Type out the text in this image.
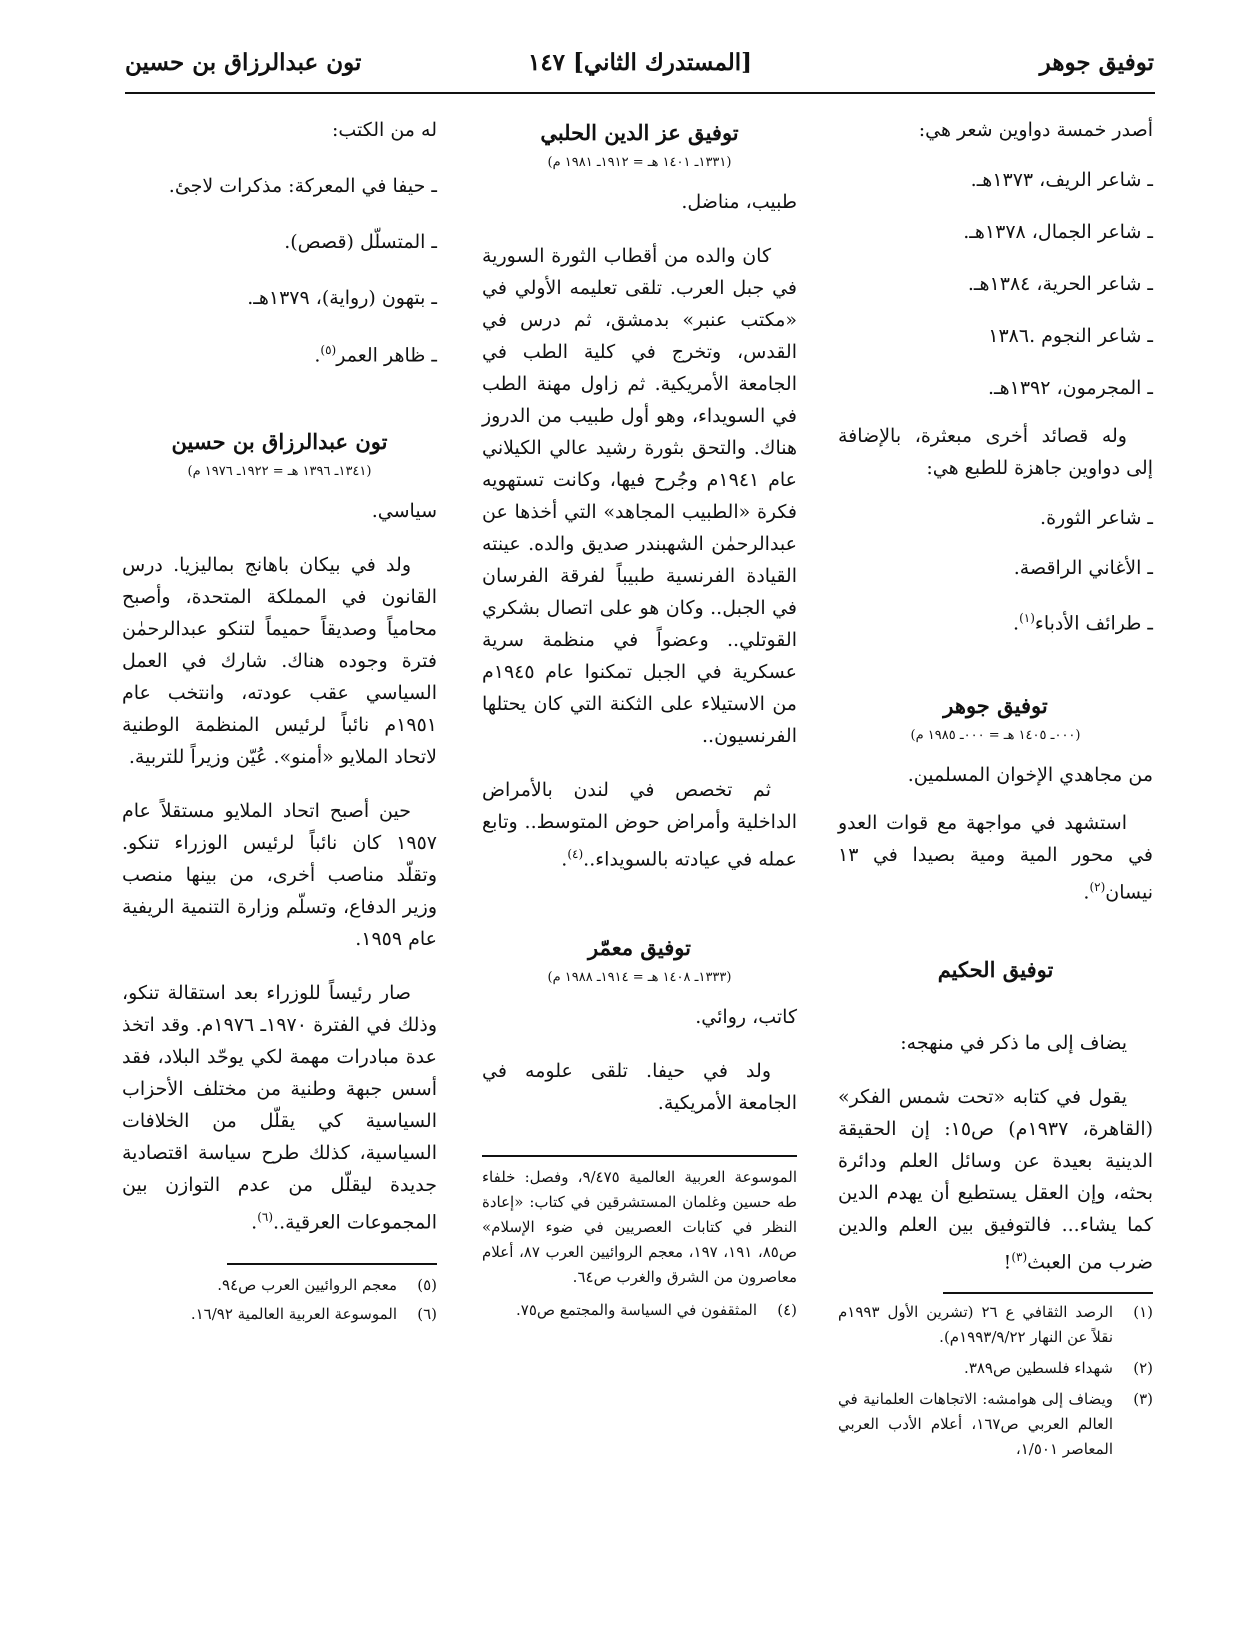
توفيق جوهر
[المستدرك الثاني] ١٤٧
تون عبدالرزاق بن حسين

أصدر خمسة دواوين شعر هي:

ـ شاعر الريف، ١٣٧٣هـ.

ـ شاعر الجمال، ١٣٧٨هـ.

ـ شاعر الحرية، ١٣٨٤هـ.

ـ شاعر النجوم .١٣٨٦

ـ المجرمون، ١٣٩٢هـ.

وله قصائد أخرى مبعثرة، بالإضافة إلى دواوين جاهزة للطبع هي:

ـ شاعر الثورة.

ـ الأغاني الراقصة.

ـ طرائف الأدباء$^{(١)}$.

توفيق جوهر

(٠٠٠ـ ١٤٠٥ هـ = ٠٠٠ـ ١٩٨٥ م)

من مجاهدي الإخوان المسلمين.

استشهد في مواجهة مع قوات العدو في محور المية ومية بصيدا في ١٣ نيسان$^{(٢)}$.

توفيق الحكيم

يضاف إلى ما ذكر في منهجه:

يقول في كتابه «تحت شمس الفكر» (القاهرة، ١٩٣٧م) ص١٥: إن الحقيقة الدينية بعيدة عن وسائل العلم ودائرة بحثه، وإن العقل يستطيع أن يهدم الدين كما يشاء... فالتوفيق بين العلم والدين ضرب من العبث$^{(٣)}$!

(١)
الرصد الثقافي ع ٢٦ (تشرين الأول ١٩٩٣م نقلاً عن النهار ١٩٩٣/٩/٢٢م).
(٢)
شهداء فلسطين ص٣٨٩.
(٣)
ويضاف إلى هوامشه: الاتجاهات العلمانية في العالم العربي ص١٦٧، أعلام الأدب العربي المعاصر ١/٥٠١،

توفيق عز الدين الحلبي

(١٣٣١ـ ١٤٠١ هـ = ١٩١٢ـ ١٩٨١ م)

طبيب، مناضل.

كان والده من أقطاب الثورة السورية في جبل العرب. تلقى تعليمه الأولي في «مكتب عنبر» بدمشق، ثم درس في القدس، وتخرج في كلية الطب في الجامعة الأمريكية. ثم زاول مهنة الطب في السويداء، وهو أول طبيب من الدروز هناك. والتحق بثورة رشيد عالي الكيلاني عام ١٩٤١م وجُرح فيها، وكانت تستهويه فكرة «الطبيب المجاهد» التي أخذها عن عبدالرحمٰن الشهبندر صديق والده. عينته القيادة الفرنسية طبيباً لفرقة الفرسان في الجبل.. وكان هو على اتصال بشكري القوتلي.. وعضواً في منظمة سرية عسكرية في الجبل تمكنوا عام ١٩٤٥م من الاستيلاء على الثكنة التي كان يحتلها الفرنسيون..

ثم تخصص في لندن بالأمراض الداخلية وأمراض حوض المتوسط.. وتابع عمله في عيادته بالسويداء..$^{(٤)}$.

توفيق معمّر

(١٣٣٣ـ ١٤٠٨ هـ = ١٩١٤ـ ١٩٨٨ م)

كاتب، روائي.

ولد في حيفا. تلقى علومه في الجامعة الأمريكية.

الموسوعة العربية العالمية ٩/٤٧٥، وفصل: خلفاء طه حسين وغلمان المستشرقين في كتاب: «إعادة النظر في كتابات العصريين في ضوء الإسلام» ص٨٥، ١٩١، ١٩٧، معجم الروائيين العرب ٨٧، أعلام معاصرون من الشرق والغرب ص٦٤.

(٤)
المثقفون في السياسة والمجتمع ص٧٥.

له من الكتب:

ـ حيفا في المعركة: مذكرات لاجئ.

ـ المتسلّل (قصص).

ـ بتهون (رواية)، ١٣٧٩هـ.

ـ ظاهر العمر$^{(٥)}$.

تون عبدالرزاق بن حسين

(١٣٤١ـ ١٣٩٦ هـ = ١٩٢٢ـ ١٩٧٦ م)

سياسي.

ولد في بيكان باهانج بماليزيا. درس القانون في المملكة المتحدة، وأصبح محامياً وصديقاً حميماً لتنكو عبدالرحمٰن فترة وجوده هناك. شارك في العمل السياسي عقب عودته، وانتخب عام ١٩٥١م نائباً لرئيس المنظمة الوطنية لاتحاد الملايو «أمنو». عُيّن وزيراً للتربية.

حين أصبح اتحاد الملايو مستقلاً عام ١٩٥٧ كان نائباً لرئيس الوزراء تنكو. وتقلّد مناصب أخرى، من بينها منصب وزير الدفاع، وتسلّم وزارة التنمية الريفية عام ١٩٥٩.

صار رئيساً للوزراء بعد استقالة تنكو، وذلك في الفترة ١٩٧٠ـ ١٩٧٦م. وقد اتخذ عدة مبادرات مهمة لكي يوحّد البلاد، فقد أسس جبهة وطنية من مختلف الأحزاب السياسية كي يقلّل من الخلافات السياسية، كذلك طرح سياسة اقتصادية جديدة ليقلّل من عدم التوازن بين المجموعات العرقية..$^{(٦)}$.

(٥)
معجم الروائيين العرب ص٩٤.
(٦)
الموسوعة العربية العالمية ١٦/٩٢.
